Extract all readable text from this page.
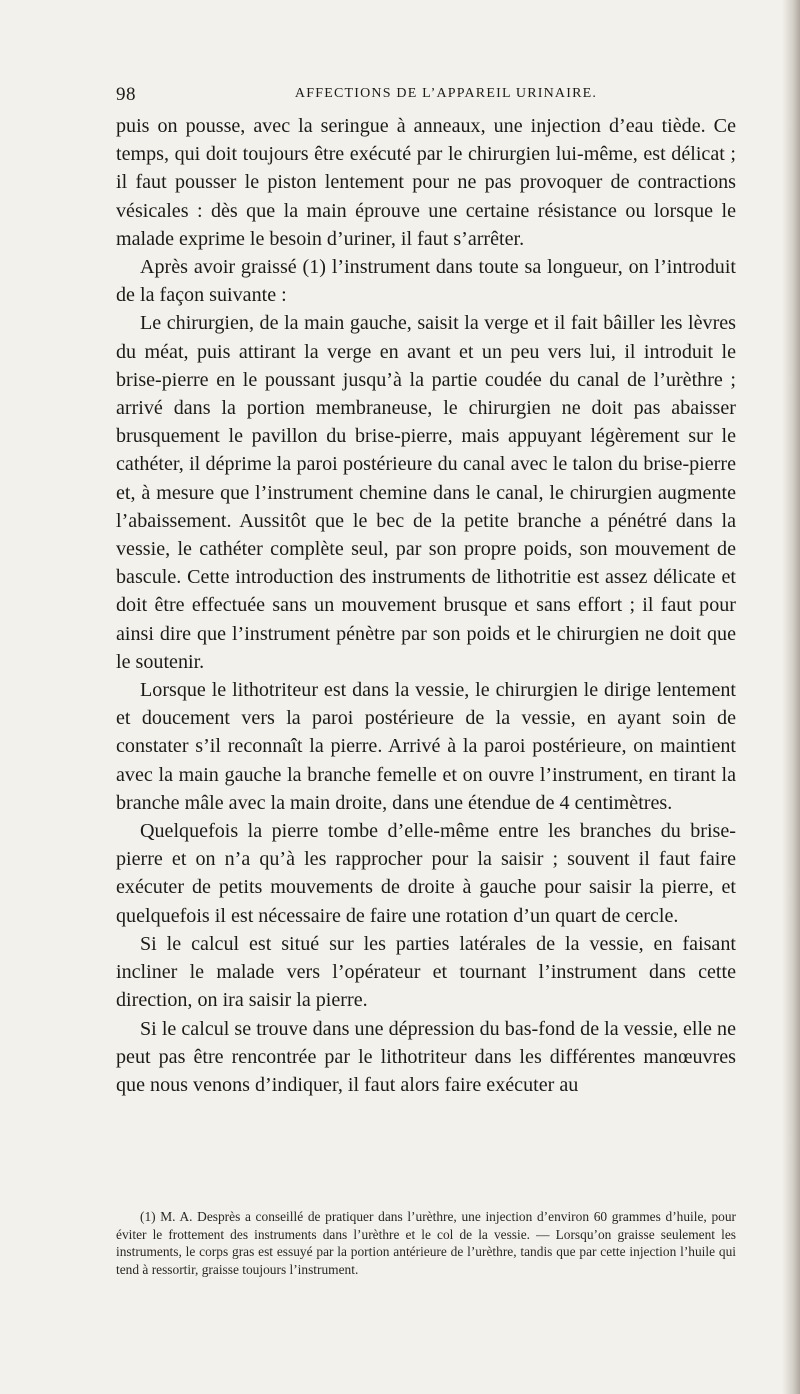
98	AFFECTIONS DE L’APPAREIL URINAIRE.

puis on pousse, avec la seringue à anneaux, une injection d’eau tiède. Ce temps, qui doit toujours être exécuté par le chirurgien lui-même, est délicat ; il faut pousser le piston lentement pour ne pas provoquer de contractions vésicales : dès que la main éprouve une certaine résistance ou lorsque le malade exprime le besoin d’uriner, il faut s’arrêter.

Après avoir graissé (1) l’instrument dans toute sa longueur, on l’introduit de la façon suivante :

Le chirurgien, de la main gauche, saisit la verge et il fait bâiller les lèvres du méat, puis attirant la verge en avant et un peu vers lui, il introduit le brise-pierre en le poussant jusqu’à la partie coudée du canal de l’urèthre ; arrivé dans la portion membraneuse, le chirurgien ne doit pas abaisser brusquement le pavillon du brise-pierre, mais appuyant légèrement sur le cathéter, il déprime la paroi postérieure du canal avec le talon du brise-pierre et, à mesure que l’instrument chemine dans le canal, le chirurgien augmente l’abaissement. Aussitôt que le bec de la petite branche a pénétré dans la vessie, le cathéter complète seul, par son propre poids, son mouvement de bascule. Cette introduction des instruments de lithotritie est assez délicate et doit être effectuée sans un mouvement brusque et sans effort ; il faut pour ainsi dire que l’instrument pénètre par son poids et le chirurgien ne doit que le soutenir.

Lorsque le lithotriteur est dans la vessie, le chirurgien le dirige lentement et doucement vers la paroi postérieure de la vessie, en ayant soin de constater s’il reconnaît la pierre. Arrivé à la paroi postérieure, on maintient avec la main gauche la branche femelle et on ouvre l’instrument, en tirant la branche mâle avec la main droite, dans une étendue de 4 centimètres.

Quelquefois la pierre tombe d’elle-même entre les branches du brise-pierre et on n’a qu’à les rapprocher pour la saisir ; souvent il faut faire exécuter de petits mouvements de droite à gauche pour saisir la pierre, et quelquefois il est nécessaire de faire une rotation d’un quart de cercle.

Si le calcul est situé sur les parties latérales de la vessie, en faisant incliner le malade vers l’opérateur et tournant l’instrument dans cette direction, on ira saisir la pierre.

Si le calcul se trouve dans une dépression du bas-fond de la vessie, elle ne peut pas être rencontrée par le lithotriteur dans les différentes manœuvres que nous venons d’indiquer, il faut alors faire exécuter au

(1) M. A. Desprès a conseillé de pratiquer dans l’urèthre, une injection d’environ 60 grammes d’huile, pour éviter le frottement des instruments dans l’urèthre et le col de la vessie. — Lorsqu’on graisse seulement les instruments, le corps gras est essuyé par la portion antérieure de l’urèthre, tandis que par cette injection l’huile qui tend à ressortir, graisse toujours l’instrument.
